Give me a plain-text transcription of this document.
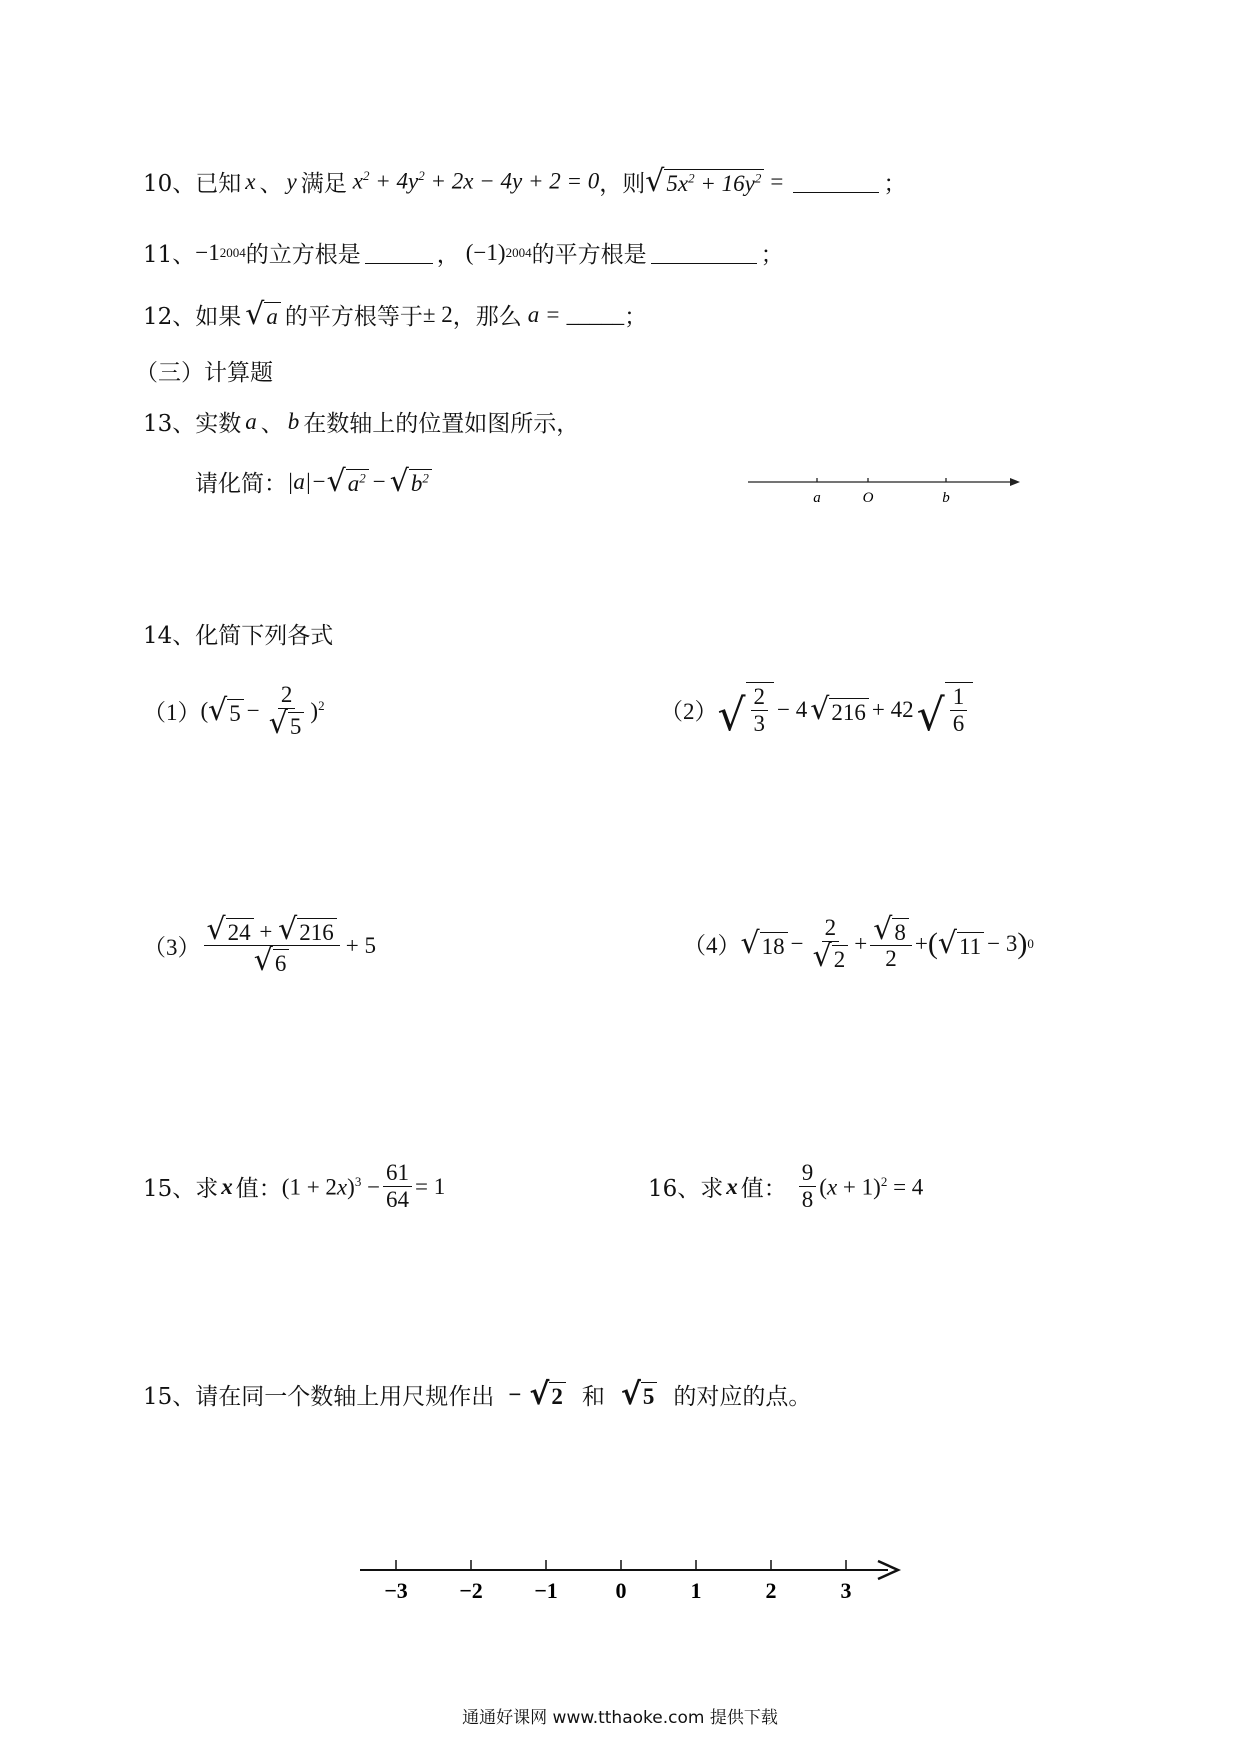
10、 已知 x 、 y 满足 $x^2 + 4y^2 + 2x - 4y + 2 = 0$ ，则 √ $5x^2 + 16y^2$ =	；
11、 −1 2004 的立方根是	， (−1) 2004 的平方根是	；
12、 如果 √ a 的平方根等于 ± 2 ，那么 a = _____ ；
（三）计算题
13、 实数 a 、 b 在数轴上的位置如图所示，
请化简： |a|− √ $a^2$ − √ $b^2$
a	O	b
14、 化简下列各式
（1） ( √ $5 - \frac{2}{√ 5} )^2$	（2） √ $\frac{2}{3} - 4$ √ 216 + 42 √ $\frac{1}{6}$
$(3) \frac{√ 24 + √ 216}{√ 6} + 5$	（4） √ $18 - \frac{2}{√ 2} + \frac{√ 8}{2}$ + ( √ 11 − 3 ) 0
15、 求 x 值： $(1 + 2x)^3 - \frac{61}{64} = 1$	16、 求 x 值： $\frac{9}{8} (x + 1)^2 = 4$
15、 请在同一个数轴上用尺规作出 − √ 2 和 √ 5 的对应的点。
−3 −2 −1	0	1	2	3
通通好课网 www.tthaoke.com 提供下载
